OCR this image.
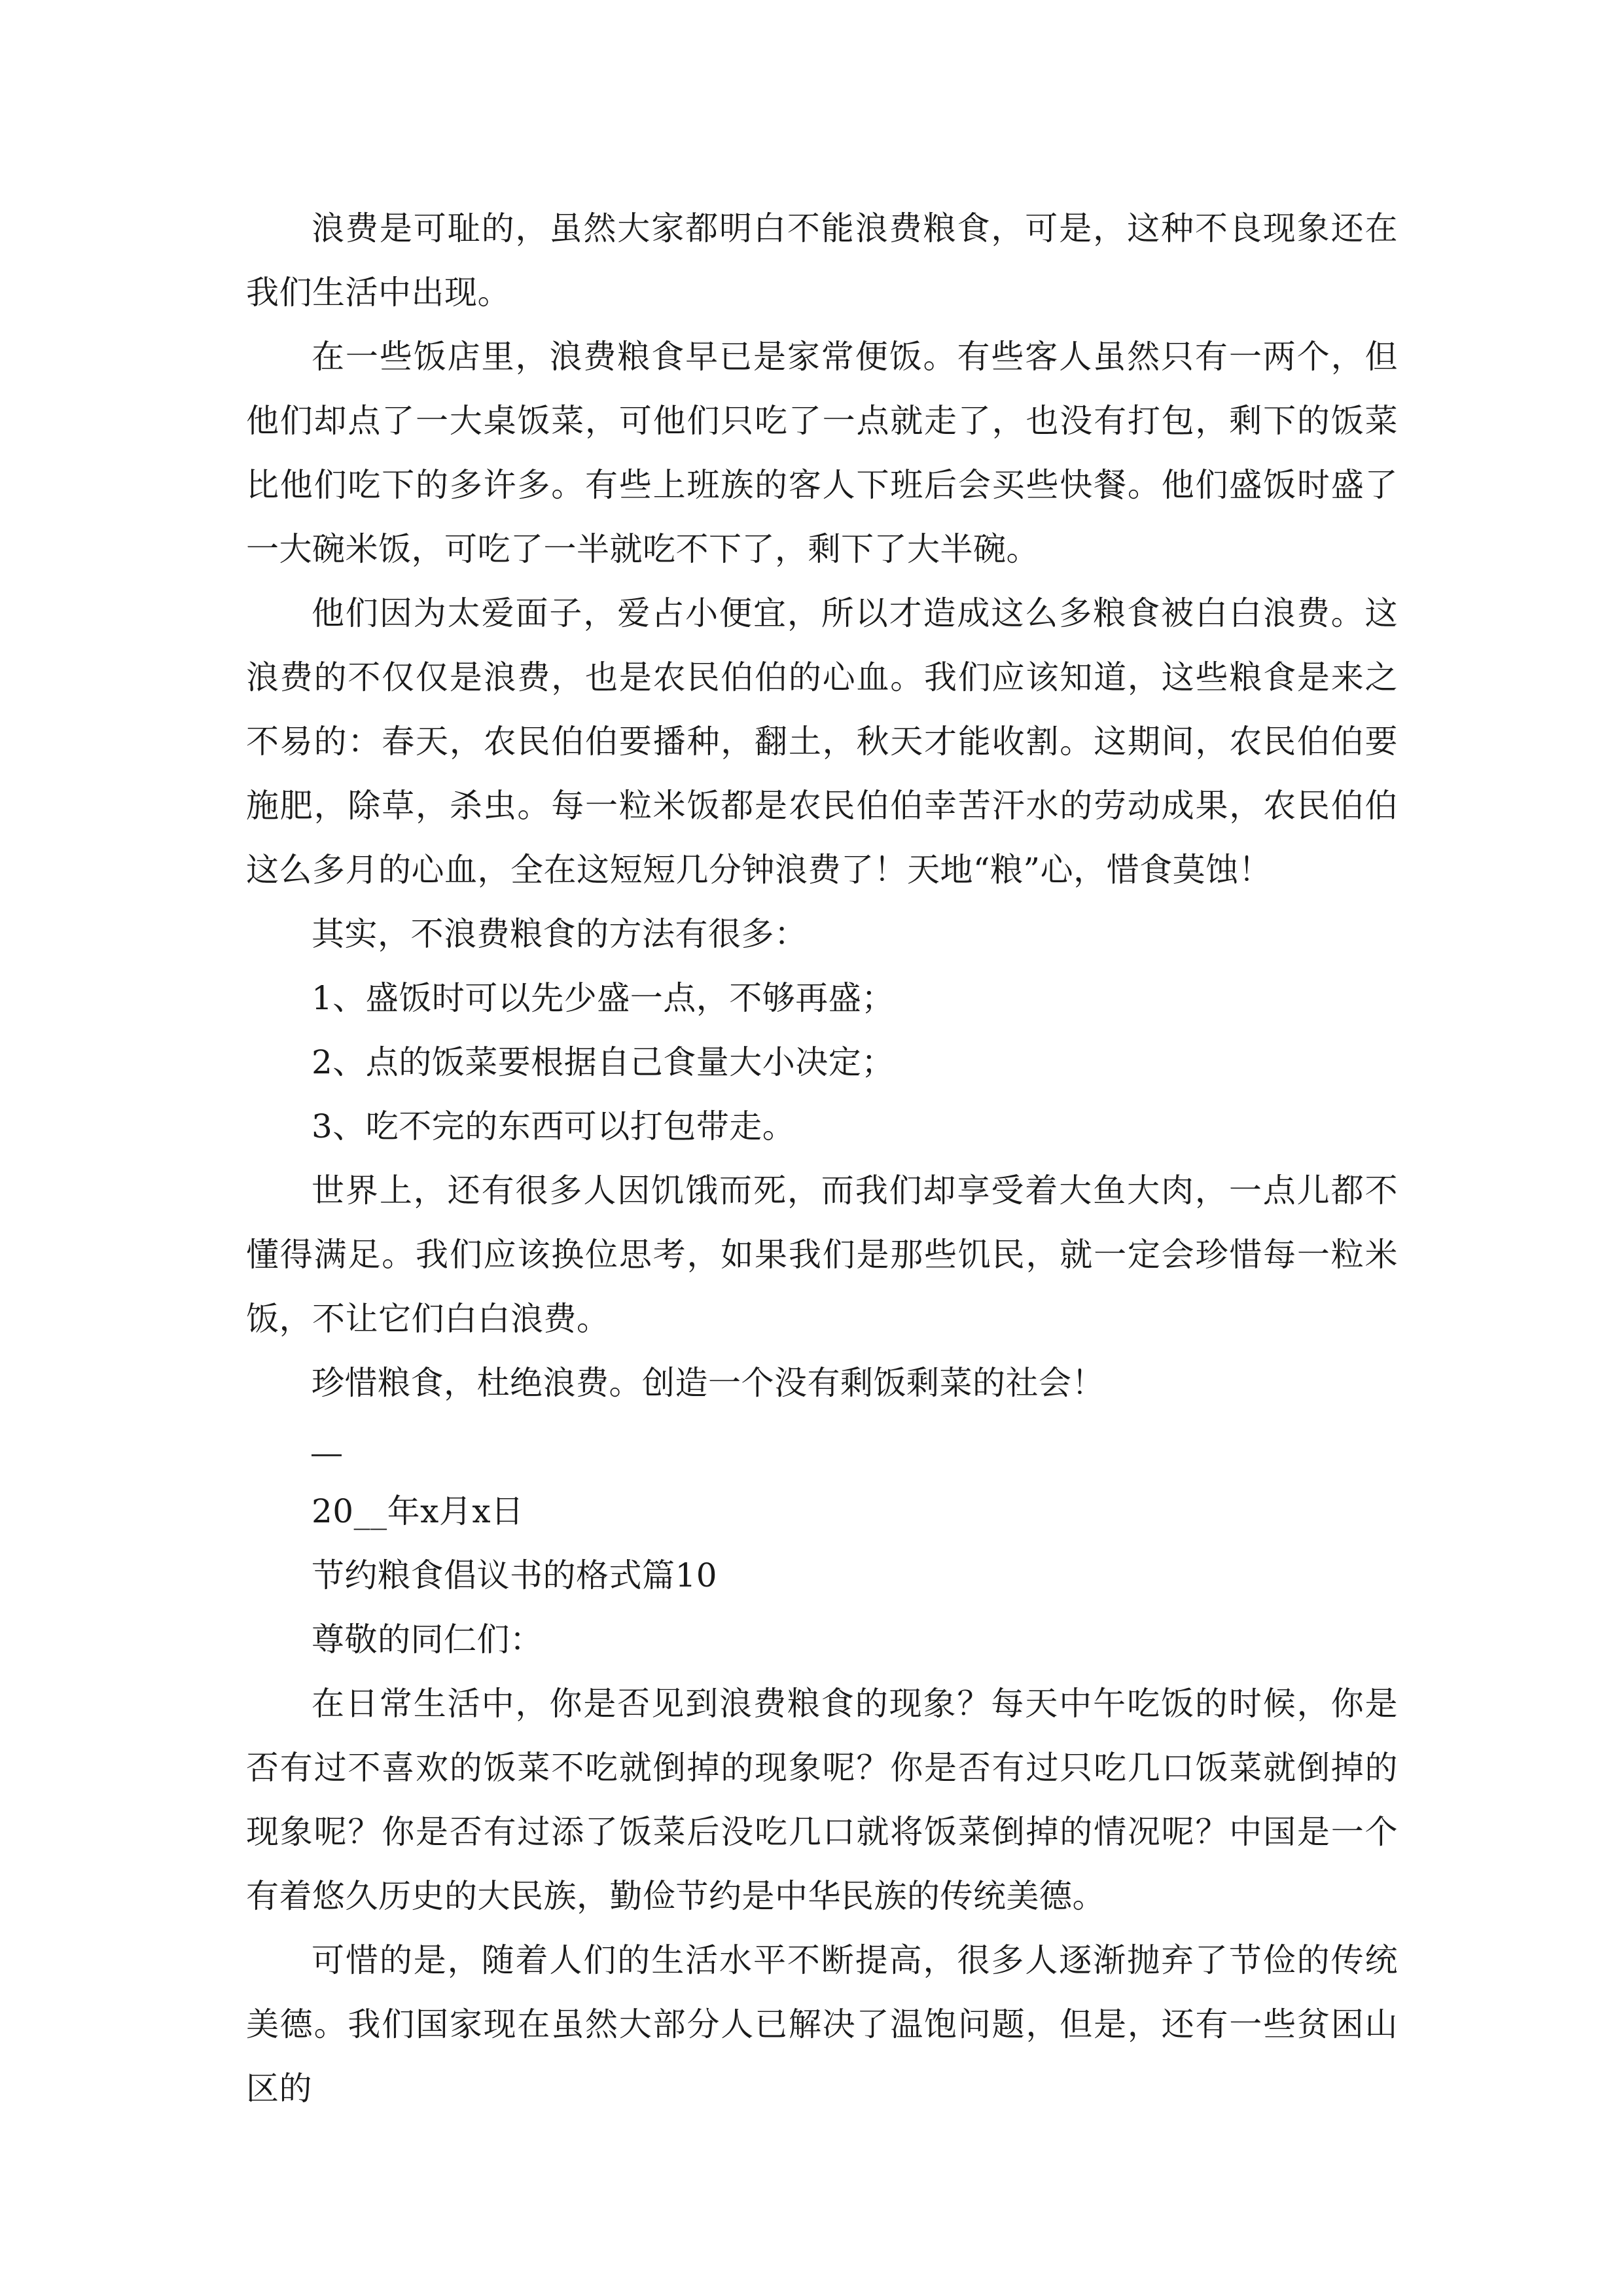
浪费是可耻的，虽然大家都明白不能浪费粮食，可是，这种不良现象还在我们生活中出现。

在一些饭店里，浪费粮食早已是家常便饭。有些客人虽然只有一两个，但他们却点了一大桌饭菜，可他们只吃了一点就走了，也没有打包，剩下的饭菜比他们吃下的多许多。有些上班族的客人下班后会买些快餐。他们盛饭时盛了一大碗米饭，可吃了一半就吃不下了，剩下了大半碗。

他们因为太爱面子，爱占小便宜，所以才造成这么多粮食被白白浪费。这浪费的不仅仅是浪费，也是农民伯伯的心血。我们应该知道，这些粮食是来之不易的：春天，农民伯伯要播种，翻土，秋天才能收割。这期间，农民伯伯要施肥，除草，杀虫。每一粒米饭都是农民伯伯幸苦汗水的劳动成果，农民伯伯这么多月的心血，全在这短短几分钟浪费了！天地“粮”心，惜食莫蚀！

其实，不浪费粮食的方法有很多：

1、盛饭时可以先少盛一点，不够再盛；

2、点的饭菜要根据自己食量大小决定；

3、吃不完的东西可以打包带走。

世界上，还有很多人因饥饿而死，而我们却享受着大鱼大肉，一点儿都不懂得满足。我们应该换位思考，如果我们是那些饥民，就一定会珍惜每一粒米饭，不让它们白白浪费。

珍惜粮食，杜绝浪费。创造一个没有剩饭剩菜的社会！

20__年x月x日

节约粮食倡议书的格式篇10

尊敬的同仁们：

在日常生活中，你是否见到浪费粮食的现象？每天中午吃饭的时候，你是否有过不喜欢的饭菜不吃就倒掉的现象呢？你是否有过只吃几口饭菜就倒掉的现象呢？你是否有过添了饭菜后没吃几口就将饭菜倒掉的情况呢？中国是一个有着悠久历史的大民族，勤俭节约是中华民族的传统美德。

可惜的是，随着人们的生活水平不断提高，很多人逐渐抛弃了节俭的传统美德。我们国家现在虽然大部分人已解决了温饱问题，但是，还有一些贫困山区的
